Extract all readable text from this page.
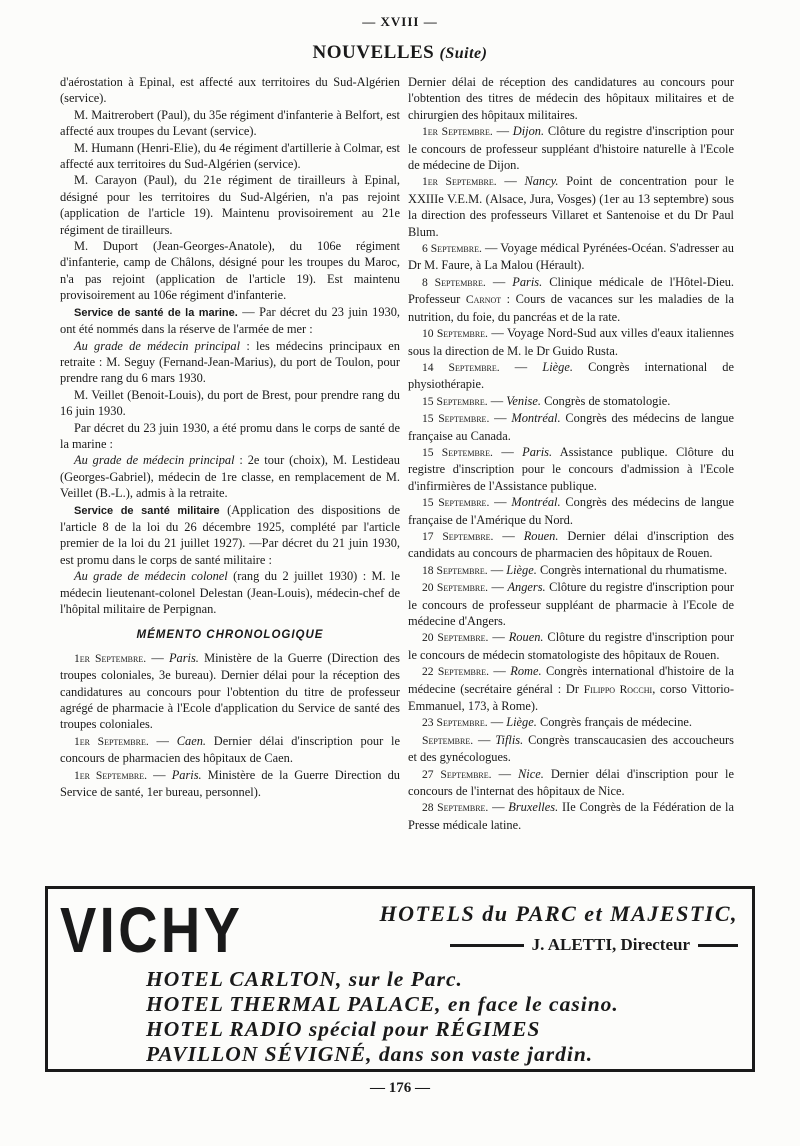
— XVIII —
NOUVELLES (Suite)

d'aérostation à Epinal, est affecté aux territoires du Sud-Algérien (service).

M. Maitrerobert (Paul), du 35e régiment d'infanterie à Belfort, est affecté aux troupes du Levant (service).

M. Humann (Henri-Elie), du 4e régiment d'artillerie à Colmar, est affecté aux territoires du Sud-Algérien (service).

M. Carayon (Paul), du 21e régiment de tirailleurs à Epinal, désigné pour les territoires du Sud-Algérien, n'a pas rejoint (application de l'article 19). Maintenu provisoirement au 21e régiment de tirailleurs.

M. Duport (Jean-Georges-Anatole), du 106e régiment d'infanterie, camp de Châlons, désigné pour les troupes du Maroc, n'a pas rejoint (application de l'article 19). Est maintenu provisoirement au 106e régiment d'infanterie.

Service de santé de la marine. — Par décret du 23 juin 1930, ont été nommés dans la réserve de l'armée de mer :

Au grade de médecin principal : les médecins principaux en retraite : M. Seguy (Fernand-Jean-Marius), du port de Toulon, pour prendre rang du 6 mars 1930.

M. Veillet (Benoit-Louis), du port de Brest, pour prendre rang du 16 juin 1930.

Par décret du 23 juin 1930, a été promu dans le corps de santé de la marine :

Au grade de médecin principal : 2e tour (choix), M. Lestideau (Georges-Gabriel), médecin de 1re classe, en remplacement de M. Veillet (B.-L.), admis à la retraite.

Service de santé militaire (Application des dispositions de l'article 8 de la loi du 26 décembre 1925, complété par l'article premier de la loi du 21 juillet 1927). —Par décret du 21 juin 1930, est promu dans le corps de santé militaire :

Au grade de médecin colonel (rang du 2 juillet 1930) : M. le médecin lieutenant-colonel Delestan (Jean-Louis), médecin-chef de l'hôpital militaire de Perpignan.

MÉMENTO CHRONOLOGIQUE

1er Septembre. — Paris. Ministère de la Guerre (Direction des troupes coloniales, 3e bureau). Dernier délai pour la réception des candidatures au concours pour l'obtention du titre de professeur agrégé de pharmacie à l'Ecole d'application du Service de santé des troupes coloniales.

1er Septembre. — Caen. Dernier délai d'inscription pour le concours de pharmacien des hôpitaux de Caen.

1er Septembre. — Paris. Ministère de la Guerre Direction du Service de santé, 1er bureau, personnel).

Dernier délai de réception des candidatures au concours pour l'obtention des titres de médecin des hôpitaux militaires et de chirurgien des hôpitaux militaires.

1er Septembre. — Dijon. Clôture du registre d'inscription pour le concours de professeur suppléant d'histoire naturelle à l'Ecole de médecine de Dijon.

1er Septembre. — Nancy. Point de concentration pour le XXIIIe V.E.M. (Alsace, Jura, Vosges) (1er au 13 septembre) sous la direction des professeurs Villaret et Santenoise et du Dr Paul Blum.

6 Septembre. — Voyage médical Pyrénées-Océan. S'adresser au Dr M. Faure, à La Malou (Hérault).

8 Septembre. — Paris. Clinique médicale de l'Hôtel-Dieu. Professeur Carnot : Cours de vacances sur les maladies de la nutrition, du foie, du pancréas et de la rate.

10 Septembre. — Voyage Nord-Sud aux villes d'eaux italiennes sous la direction de M. le Dr Guido Rusta.

14 Septembre. — Liège. Congrès international de physiothérapie.

15 Septembre. — Venise. Congrès de stomatologie.

15 Septembre. — Montréal. Congrès des médecins de langue française au Canada.

15 Septembre. — Paris. Assistance publique. Clôture du registre d'inscription pour le concours d'admission à l'Ecole d'infirmières de l'Assistance publique.

15 Septembre. — Montréal. Congrès des médecins de langue française de l'Amérique du Nord.

17 Septembre. — Rouen. Dernier délai d'inscription des candidats au concours de pharmacien des hôpitaux de Rouen.

18 Septembre. — Liège. Congrès international du rhumatisme.

20 Septembre. — Angers. Clôture du registre d'inscription pour le concours de professeur suppléant de pharmacie à l'Ecole de médecine d'Angers.

20 Septembre. — Rouen. Clôture du registre d'inscription pour le concours de médecin stomatologiste des hôpitaux de Rouen.

22 Septembre. — Rome. Congrès international d'histoire de la médecine (secrétaire général : Dr Filippo Rocchi, corso Vittorio-Emmanuel, 173, à Rome).

23 Septembre. — Liège. Congrès français de médecine.

Septembre. — Tiflis. Congrès transcaucasien des accoucheurs et des gynécologues.

27 Septembre. — Nice. Dernier délai d'inscription pour le concours de l'internat des hôpitaux de Nice.

28 Septembre. — Bruxelles. IIe Congrès de la Fédération de la Presse médicale latine.

VICHY	HOTELS du PARC et MAJESTIC,
J. ALETTI, Directeur
HOTEL CARLTON, sur le Parc.
HOTEL THERMAL PALACE, en face le casino.
HOTEL RADIO spécial pour RÉGIMES
PAVILLON SÉVIGNÉ, dans son vaste jardin.
— 176 —
